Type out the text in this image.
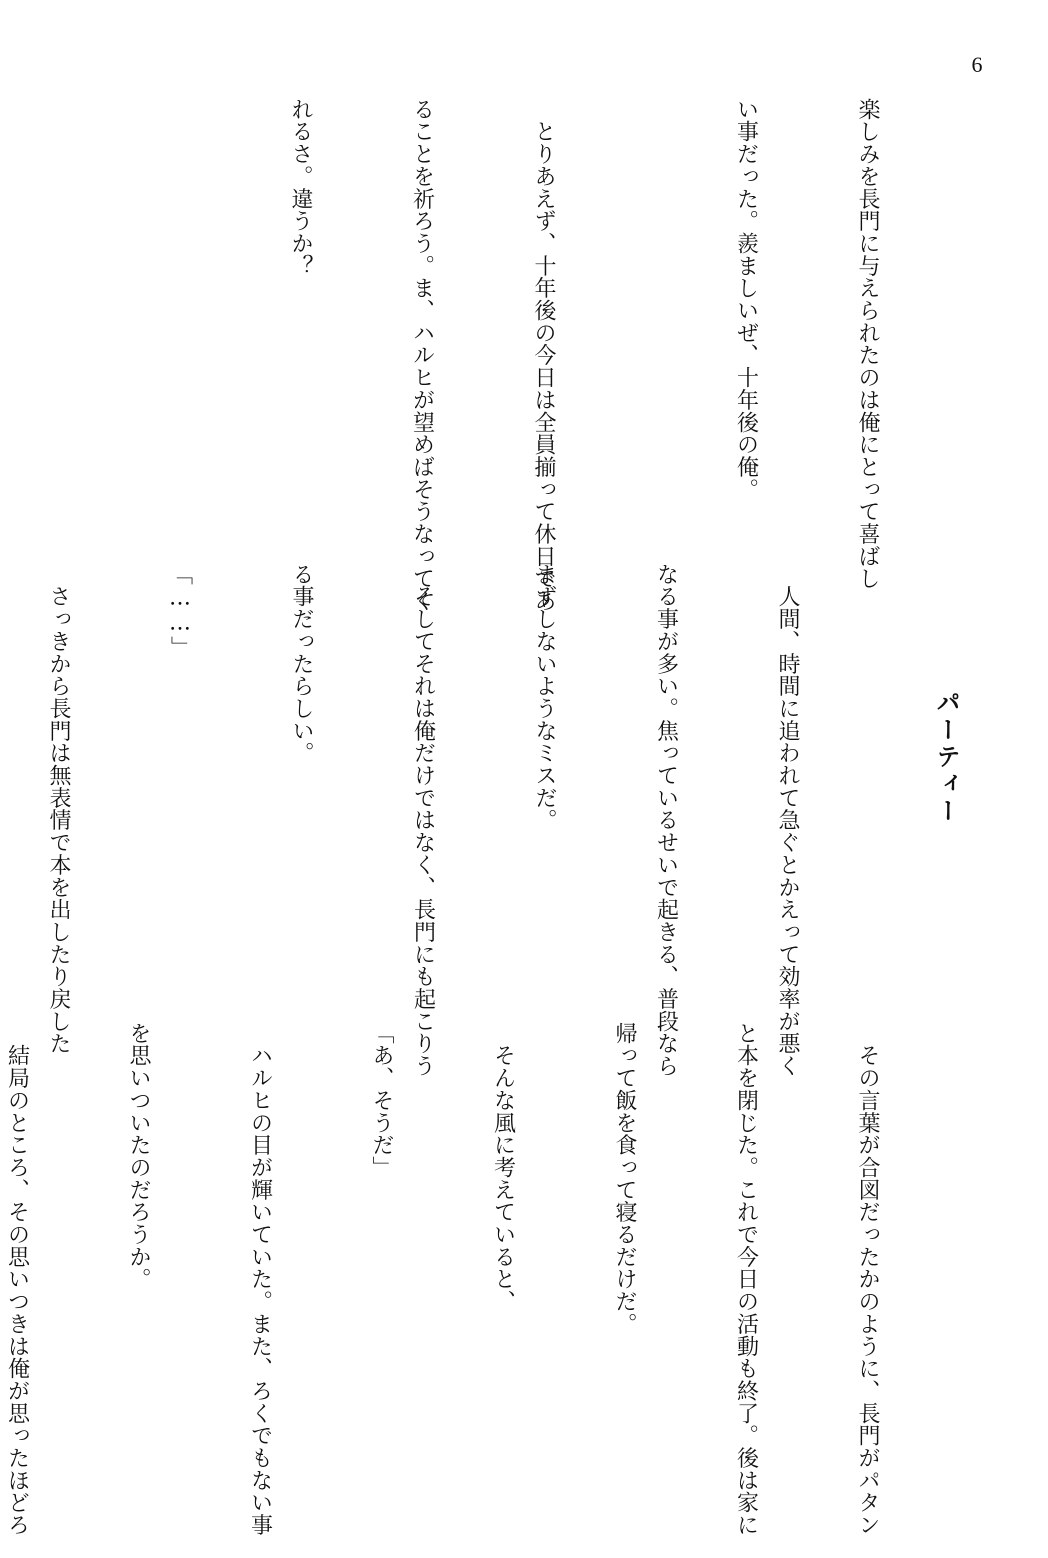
6

楽しみを長門に与えられたのは俺にとって喜ばし

い事だった。羨ましいぜ、十年後の俺。

　とりあえず、十年後の今日は全員揃って休日であ

ることを祈ろう。ま、ハルヒが望めばそうなってく

れるさ。違うか？

パーティー

　人間、時間に追われて急ぐとかえって効率が悪く

なる事が多い。焦っているせいで起きる、普段なら

まずしないようなミスだ。

　そしてそれは俺だけではなく、長門にも起こりう

る事だったらしい。

「……」

　さっきから長門は無表情で本を出したり戻した

　その言葉が合図だったかのように、長門がパタン

と本を閉じた。これで今日の活動も終了。後は家に

帰って飯を食って寝るだけだ。

　そんな風に考えていると、

「あ、そうだ」

　ハルヒの目が輝いていた。また、ろくでもない事

を思いついたのだろうか。

　結局のところ、その思いつきは俺が思ったほどろ
